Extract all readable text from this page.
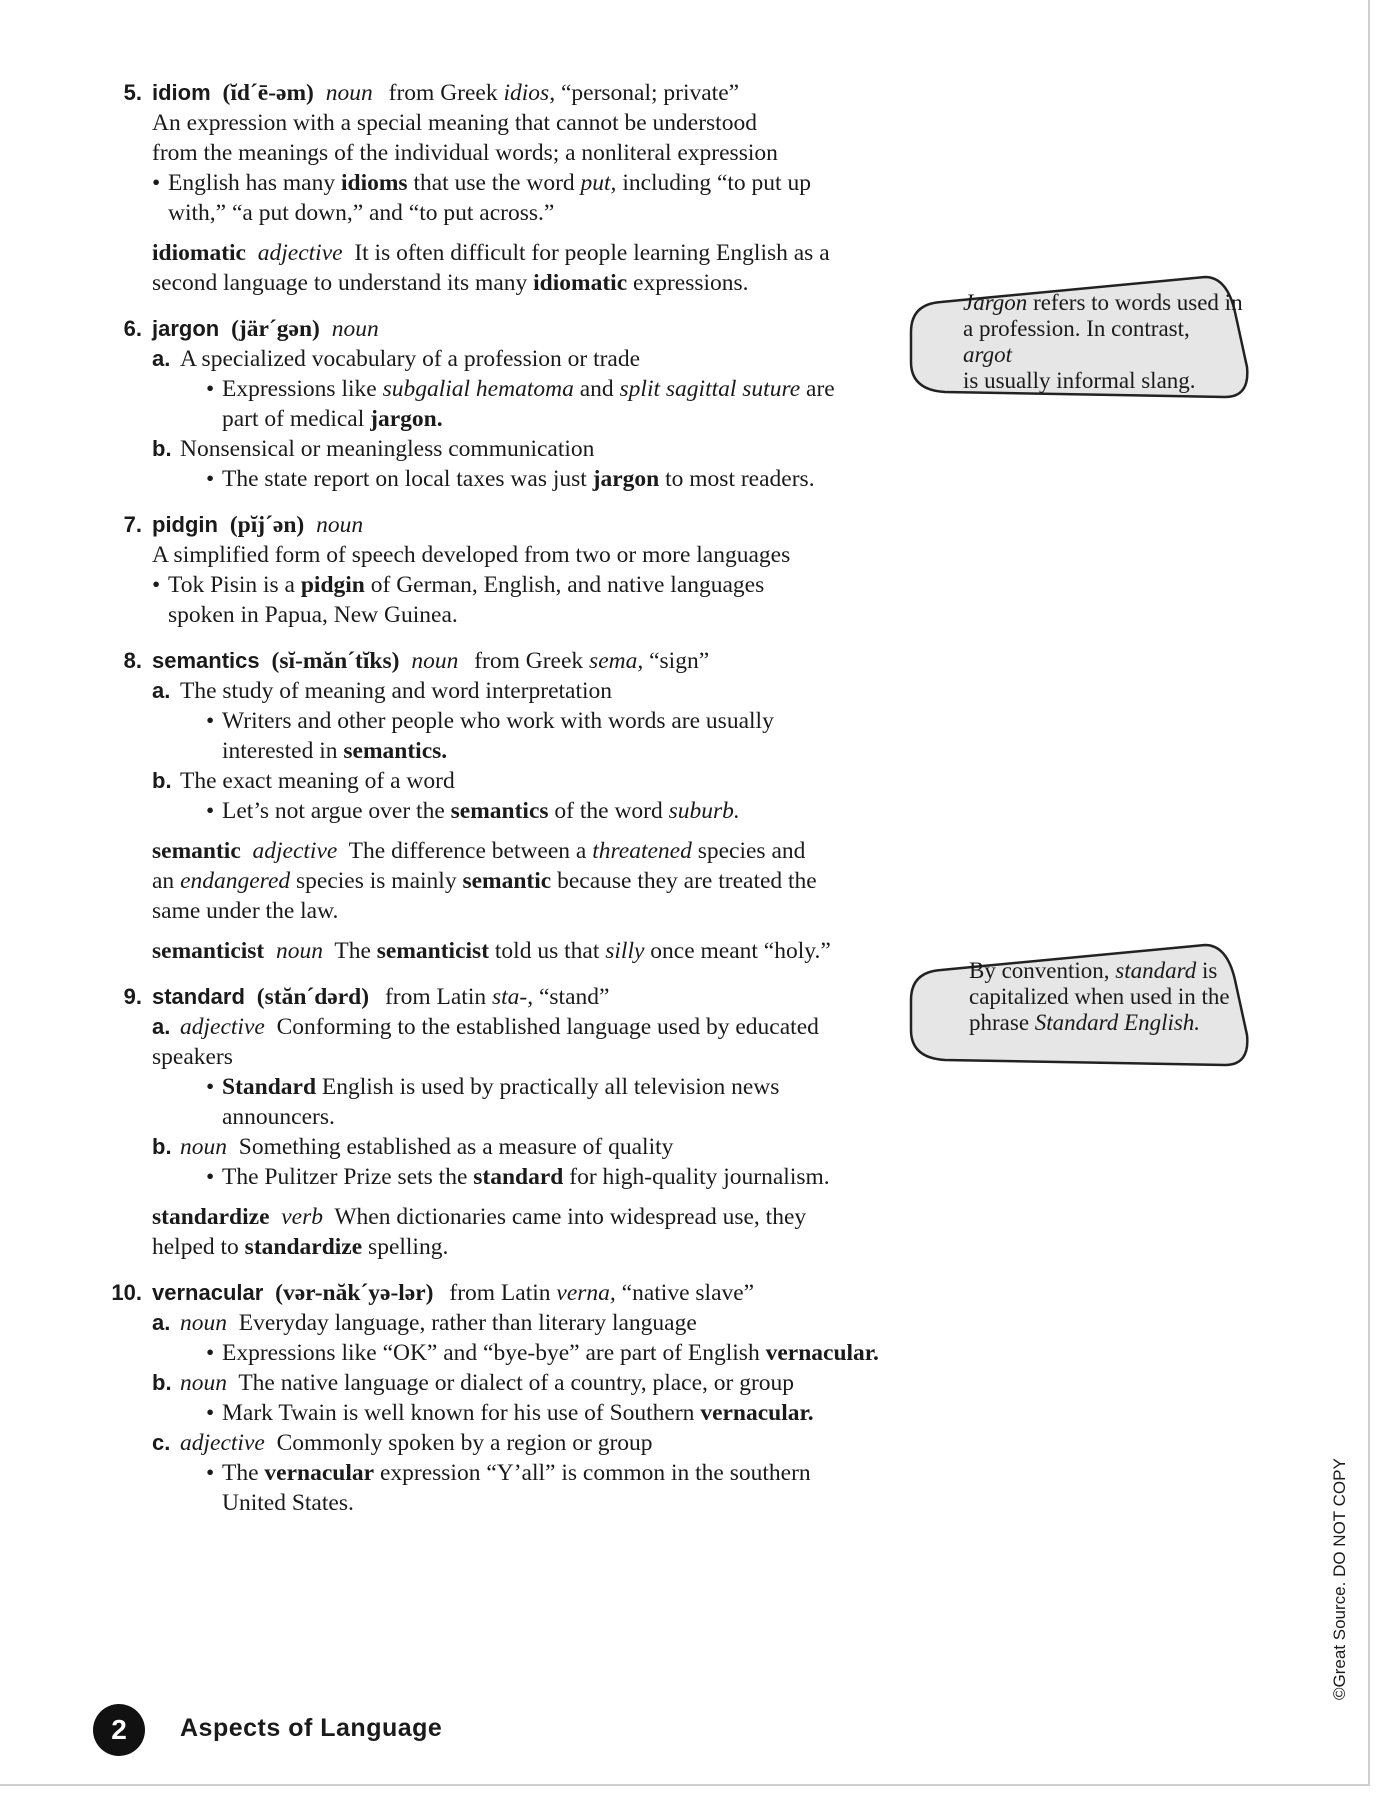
5. idiom (ĭd´ē-əm) noun from Greek idios, “personal; private”
An expression with a special meaning that cannot be understood
from the meanings of the individual words; a nonliteral expression
• English has many idioms that use the word put, including “to put up
with,” “a put down,” and “to put across.”
idiomatic adjective It is often difficult for people learning English as a
second language to understand its many idiomatic expressions.
6. jargon (jär´gən) noun
a. A specialized vocabulary of a profession or trade
• Expressions like subgalial hematoma and split sagittal suture are
part of medical jargon.
b. Nonsensical or meaningless communication
• The state report on local taxes was just jargon to most readers.
7. pidgin (pĭj´ən) noun
A simplified form of speech developed from two or more languages
• Tok Pisin is a pidgin of German, English, and native languages
spoken in Papua, New Guinea.
8. semantics (sĭ-măn´tĭks) noun from Greek sema, “sign”
a. The study of meaning and word interpretation
• Writers and other people who work with words are usually
interested in semantics.
b. The exact meaning of a word
• Let’s not argue over the semantics of the word suburb.
semantic adjective The difference between a threatened species and
an endangered species is mainly semantic because they are treated the
same under the law.
semanticist noun The semanticist told us that silly once meant “holy.”
9. standard (stăn´dərd) from Latin sta-, “stand”
a. adjective Conforming to the established language used by educated
speakers
• Standard English is used by practically all television news
announcers.
b. noun Something established as a measure of quality
• The Pulitzer Prize sets the standard for high-quality journalism.
standardize verb When dictionaries came into widespread use, they
helped to standardize spelling.
10. vernacular (vər-năk´yə-lər) from Latin verna, “native slave”
a. noun Everyday language, rather than literary language
• Expressions like “OK” and “bye-bye” are part of English vernacular.
b. noun The native language or dialect of a country, place, or group
• Mark Twain is well known for his use of Southern vernacular.
c. adjective Commonly spoken by a region or group
• The vernacular expression “Y’all” is common in the southern
United States.
Jargon refers to words used in
a profession. In contrast, argot
is usually informal slang.
By convention, standard is
capitalized when used in the
phrase Standard English.
2	Aspects of Language
©Great Source. DO NOT COPY
